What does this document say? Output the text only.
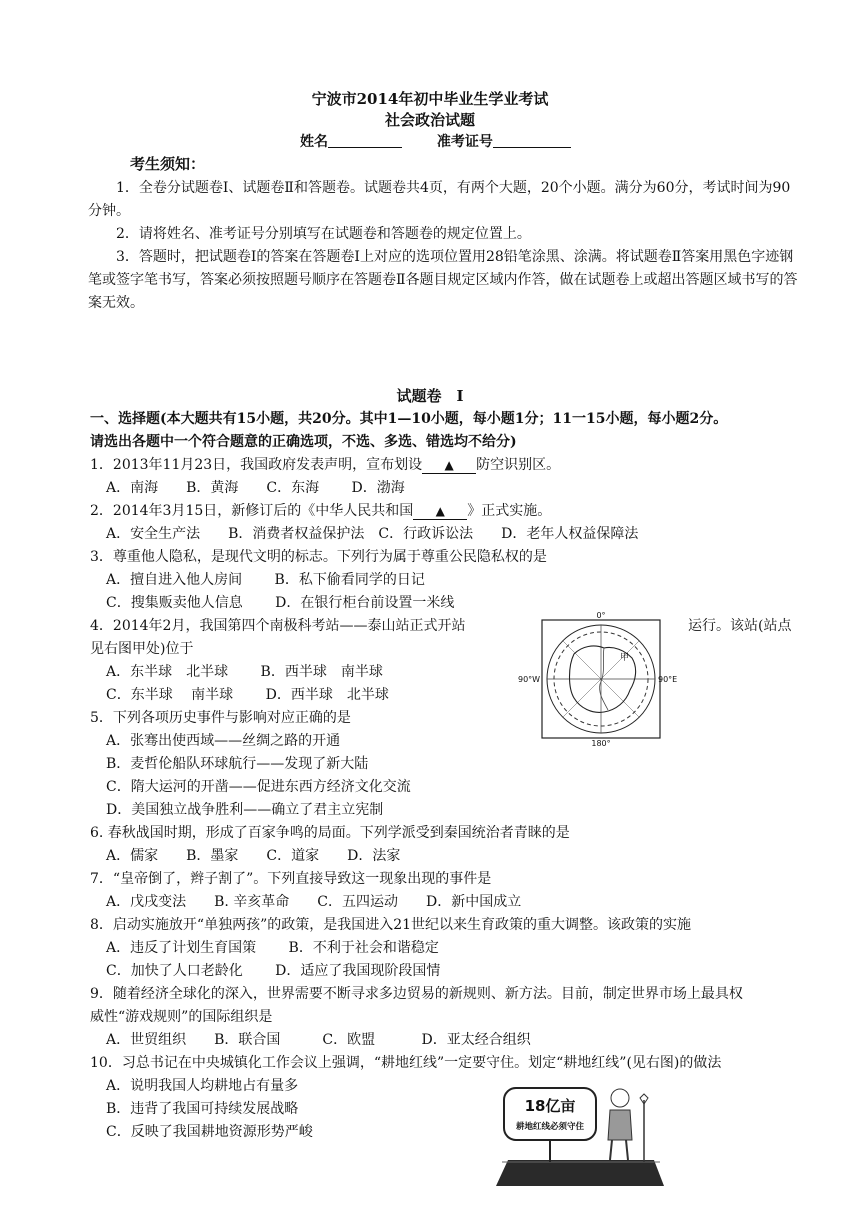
宁波市2014年初中毕业生学业考试
社会政治试题
姓名	准考证号
考生须知：
1．全卷分试题卷Ⅰ、试题卷Ⅱ和答题卷。试题卷共4页，有两个大题，20个小题。满分为60分，考试时间为90分钟。
2．请将姓名、准考证号分别填写在试题卷和答题卷的规定位置上。
3．答题时，把试题卷Ⅰ的答案在答题卷Ⅰ上对应的选项位置用28铅笔涂黑、涂满。将试题卷Ⅱ答案用黑色字迹钢笔或签字笔书写，答案必须按照题号顺序在答题卷Ⅱ各题目规定区域内作答，做在试题卷上或超出答题区域书写的答案无效。
试题卷　Ⅰ
一、选择题(本大题共有15小题，共20分。其中1—10小题，每小题1分；11一15小题，每小题2分。
请选出各题中一个符合题意的正确选项，不选、多选、错选均不给分)
1．2013年11月23日，我国政府发表声明，宣布划设 ▲ 防空识别区。
A．南海　　B．黄海　　C．东海　　 D．渤海
2．2014年3月15日，新修订后的《中华人民共和国 ▲ 》正式实施。
A．安全生产法　　B．消费者权益保护法　C．行政诉讼法　　D．老年人权益保障法
3．尊重他人隐私，是现代文明的标志。下列行为属于尊重公民隐私权的是
A．擅自进入他人房间　　 B．私下偷看同学的日记
C．搜集贩卖他人信息　　 D．在银行柜台前设置一米线
4．2014年2月，我国第四个南极科考站——泰山站正式开站	运行。该站(站点
见右图甲处)位于
A．东半球　北半球　　 B．西半球　南半球
C．东半球　 南半球　　 D．西半球　北半球
0°
90°W	90°E
180°
甲
5．下列各项历史事件与影响对应正确的是
A．张骞出使西域——丝绸之路的开通
B．麦哲伦船队环球航行——发现了新大陆
C．隋大运河的开凿——促进东西方经济文化交流
D．美国独立战争胜利——确立了君主立宪制
6. 春秋战国时期，形成了百家争鸣的局面。下列学派受到秦国统治者青睐的是
A．儒家　　B．墨家　　C．道家　　D．法家
7．“皇帝倒了，辫子割了”。下列直接导致这一现象出现的事件是
A．戊戌变法　　B. 辛亥革命　　C．五四运动　　D．新中国成立
8．启动实施放开“单独两孩”的政策，是我国进入21世纪以来生育政策的重大调整。该政策的实施
A．违反了计划生育国策　　 B．不利于社会和谐稳定
C．加快了人口老龄化　　 D．适应了我国现阶段国情
9．随着经济全球化的深入，世界需要不断寻求多边贸易的新规则、新方法。目前，制定世界市场上最具权
威性“游戏规则”的国际组织是
A．世贸组织　　B．联合国　　　C．欧盟　　　 D．亚太经合组织
10．习总书记在中央城镇化工作会议上强调，“耕地红线”一定要守住。划定“耕地红线”(见右图)的做法
A．说明我国人均耕地占有量多
B．违背了我国可持续发展战略
C．反映了我国耕地资源形势严峻
18亿亩
耕地红线必须守住
